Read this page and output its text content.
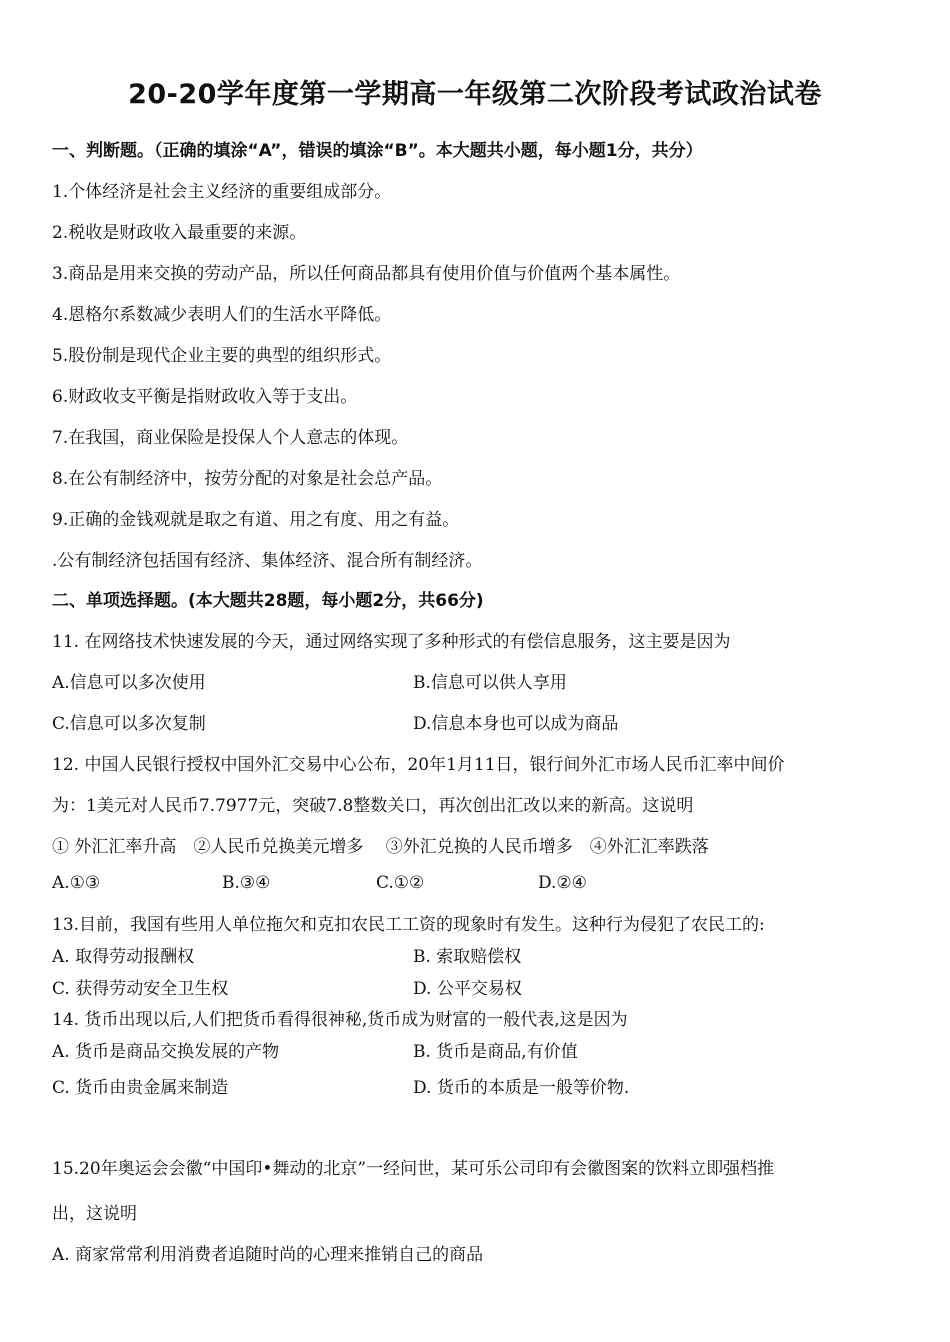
20-20学年度第一学期高一年级第二次阶段考试政治试卷
一、判断题。（正确的填涂“A”，错误的填涂“B”。本大题共小题，每小题1分，共分）
1.个体经济是社会主义经济的重要组成部分。
2.税收是财政收入最重要的来源。
3.商品是用来交换的劳动产品，所以任何商品都具有使用价值与价值两个基本属性。
4.恩格尔系数减少表明人们的生活水平降低。
5.股份制是现代企业主要的典型的组织形式。
6.财政收支平衡是指财政收入等于支出。
7.在我国，商业保险是投保人个人意志的体现。
8.在公有制经济中，按劳分配的对象是社会总产品。
9.正确的金钱观就是取之有道、用之有度、用之有益。
.公有制经济包括国有经济、集体经济、混合所有制经济。
二、单项选择题。(本大题共28题，每小题2分，共66分)
11. 在网络技术快速发展的今天，通过网络实现了多种形式的有偿信息服务，这主要是因为
A.信息可以多次使用	B.信息可以供人享用
C.信息可以多次复制	D.信息本身也可以成为商品
12. 中国人民银行授权中国外汇交易中心公布，20年1月11日，银行间外汇市场人民币汇率中间价
为：1美元对人民币7.7977元，突破7.8整数关口，再次创出汇改以来的新高。这说明
① 外汇汇率升高　②人民币兑换美元增多　 ③外汇兑换的人民币增多　④外汇汇率跌落
A.①③	B.③④	C.①②	D.②④
13.目前，我国有些用人单位拖欠和克扣农民工工资的现象时有发生。这种行为侵犯了农民工的:
A. 取得劳动报酬权	B. 索取赔偿权
C. 获得劳动安全卫生权	D. 公平交易权
14. 货币出现以后,人们把货币看得很神秘,货币成为财富的一般代表,这是因为
A. 货币是商品交换发展的产物	B. 货币是商品,有价值
C. 货币由贵金属来制造	D. 货币的本质是一般等价物.
15.20年奥运会会徽“中国印•舞动的北京”一经问世，某可乐公司印有会徽图案的饮料立即强档推
出，这说明
A. 商家常常利用消费者追随时尚的心理来推销自己的商品
